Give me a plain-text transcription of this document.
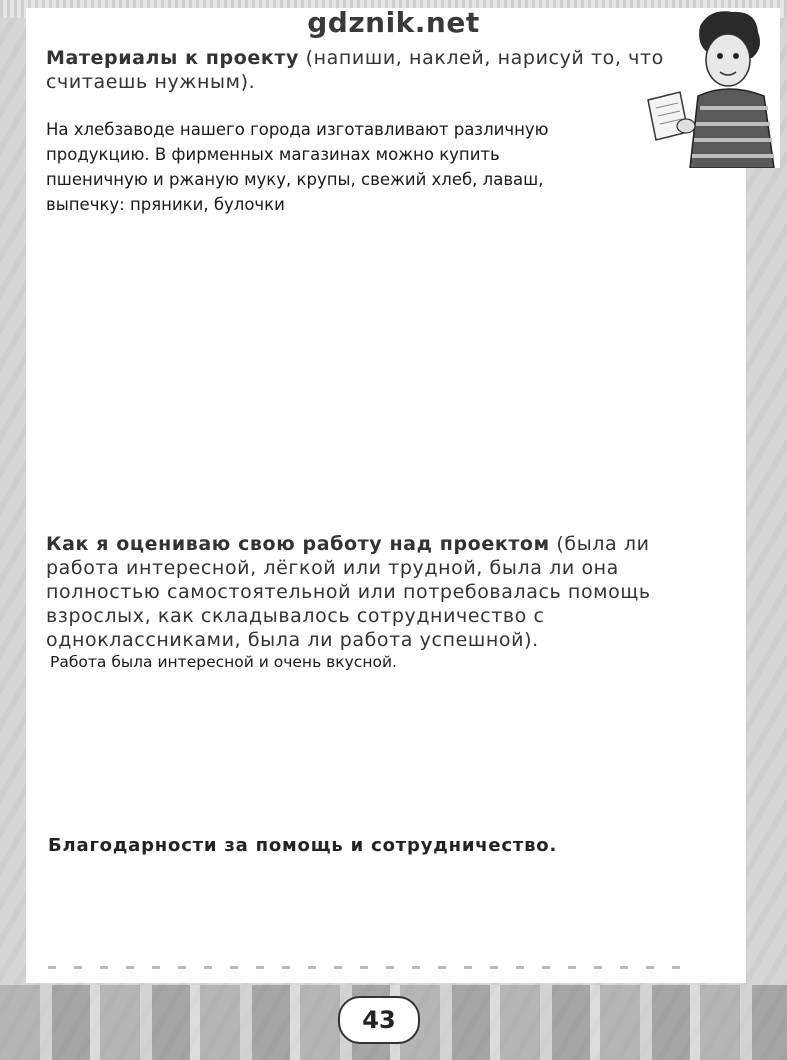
gdznik.net

Материалы к проекту (напиши, наклей, нарисуй то, что считаешь нужным).

На хлебзаводе нашего города изготавливают различную
продукцию. В фирменных магазинах можно купить
пшеничную и ржаную муку, крупы, свежий хлеб, лаваш,
выпечку: пряники, булочки

Как я оцениваю свою работу над проектом (была ли работа интересной, лёгкой или трудной, была ли она полностью самостоятельной или потребовалась помощь взрослых, как складывалось сотрудничество с одноклассниками, была ли работа успешной).

Работа была интересной и очень вкусной.

Благодарности за помощь и сотрудничество.

43
